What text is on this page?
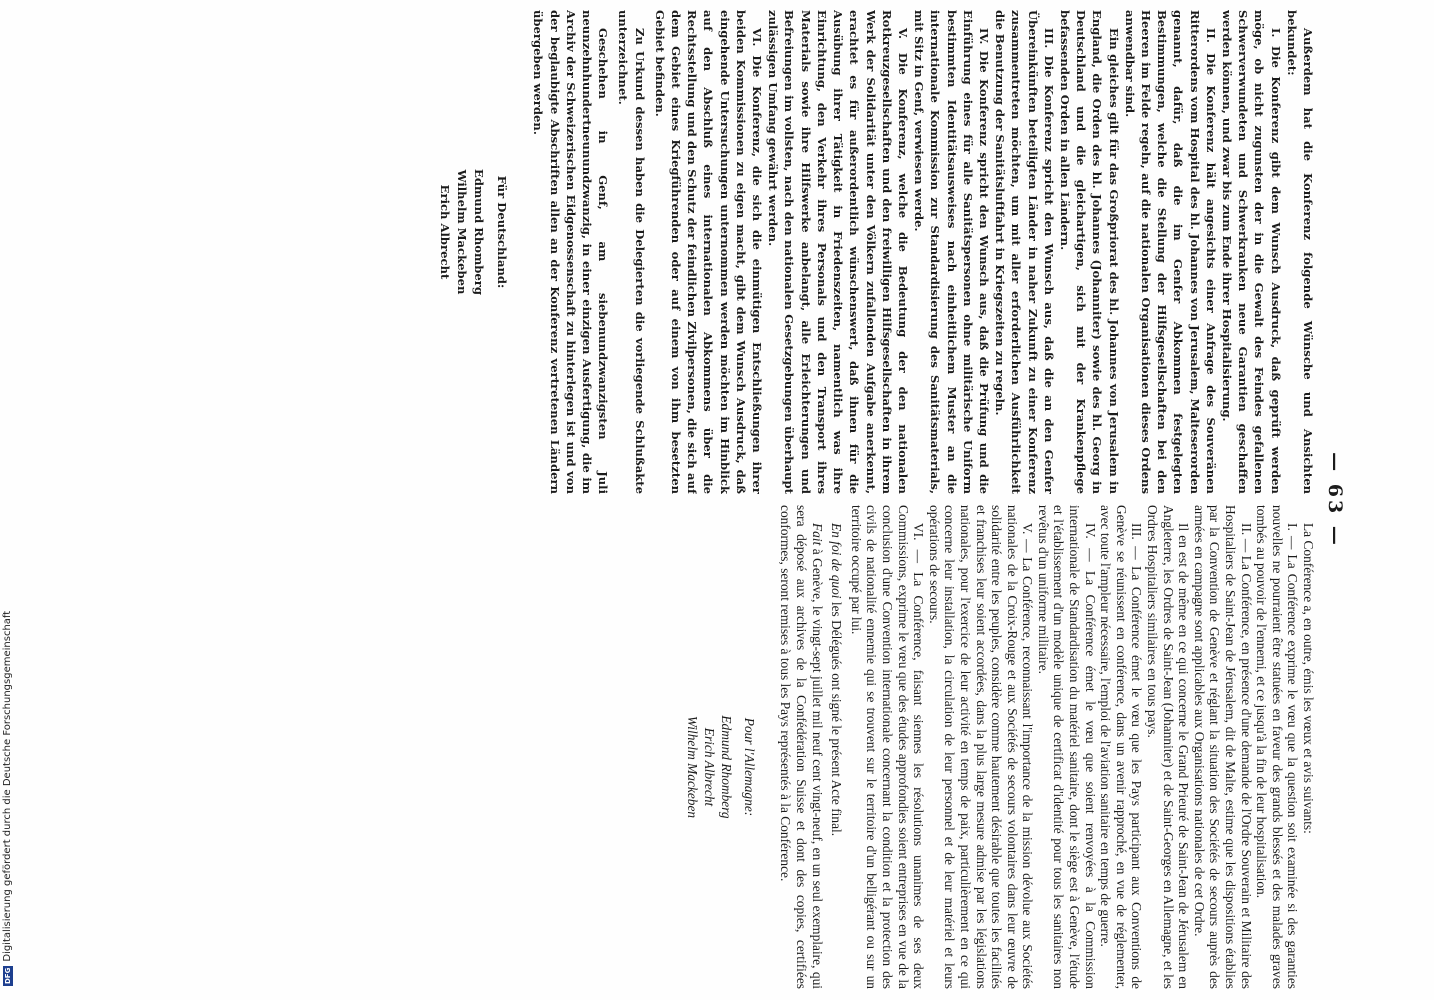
— 63 —

Außerdem hat die Konferenz folgende Wünsche und Ansichten bekundet:

I. Die Konferenz gibt dem Wunsch Ausdruck, daß geprüft werden möge, ob nicht zugunsten der in die Gewalt des Feindes gefallenen Schwerverwundeten und Schwerkranken neue Garantien geschaffen werden können, und zwar bis zum Ende ihrer Hospitalisierung.

II. Die Konferenz hält angesichts einer Anfrage des Souveränen Ritterordens vom Hospital des hl. Johannes von Jerusalem, Malteserorden genannt, dafür, daß die im Genfer Abkommen festgelegten Bestimmungen, welche die Stellung der Hilfsgesellschaften bei den Heeren im Felde regeln, auf die nationalen Organisationen dieses Ordens anwendbar sind.

Ein gleiches gilt für das Großpriorat des hl. Johannes von Jerusalem in England, die Orden des hl. Johannes (Johanniter) sowie des hl. Georg in Deutschland und die gleichartigen, sich mit der Krankenpflege befassenden Orden in allen Ländern.

III. Die Konferenz spricht den Wunsch aus, daß die an den Genfer Übereinkünften beteiligten Länder in naher Zukunft zu einer Konferenz zusammentreten möchten, um mit aller erforderlichen Ausführlichkeit die Benutzung der Sanitätsluftfahrt in Kriegszeiten zu regeln.

IV. Die Konferenz spricht den Wunsch aus, daß die Prüfung und die Einführung eines für alle Sanitätspersonen ohne militärische Uniform bestimmten Identitätsausweises nach einheitlichem Muster an die internationale Kommission zur Standardisierung des Sanitätsmaterials, mit Sitz in Genf, verwiesen werde.

V. Die Konferenz, welche die Bedeutung der den nationalen Rotkreuzgesellschaften und den freiwilligen Hilfsgesellschaften in ihrem Werk der Solidarität unter den Völkern zufallenden Aufgabe anerkennt, erachtet es für außerordentlich wünschenswert, daß ihnen für die Ausübung ihrer Tätigkeit in Friedenszeiten, namentlich was ihre Einrichtung, den Verkehr ihres Personals und den Transport ihres Materials sowie ihre Hilfswerke anbelangt, alle Erleichterungen und Befreiungen im vollsten, nach den nationalen Gesetzgebungen überhaupt zulässigen Umfang gewährt werden.

VI. Die Konferenz, die sich die einmütigen Entschließungen ihrer beiden Kommissionen zu eigen macht, gibt dem Wunsch Ausdruck, daß eingehende Untersuchungen unternommen werden möchten im Hinblick auf den Abschluß eines internationalen Abkommens über die Rechtsstellung und den Schutz der feindlichen Zivilpersonen, die sich auf dem Gebiet eines Kriegführenden oder auf einem von ihm besetzten Gebiet befinden.

Zu Urkund dessen haben die Delegierten die vorliegende Schlußakte unterzeichnet.

Geschehen in Genf, am siebenundzwanzigsten Juli neunzehnhundertneunundzwanzig, in einer einzigen Ausfertigung, die im Archiv der Schweizerischen Eidgenossenschaft zu hinterlegen ist und von der beglaubigte Abschriften allen an der Konferenz vertretenen Ländern übergeben werden.

Für Deutschland:
Edmund Rhomberg
Wilhelm Mackeben
Erich Albrecht

La Conférence a, en outre, émis les vœux et avis suivants:

I. — La Conférence exprime le vœu que la question soit examinée si des garanties nouvelles ne pourraient être statuées en faveur des grands blessés et des malades graves tombés au pouvoir de l'ennemi, et ce jusqu'à la fin de leur hospitalisation.

II. — La Conférence, en présence d'une demande de l'Ordre Souverain et Militaire des Hospitaliers de Saint-Jean de Jérusalem, dit de Malte, estime que les dispositions établies par la Convention de Genève et réglant la situation des Sociétés de secours auprès des armées en campagne sont applicables aux Organisations nationales de cet Ordre.

Il en est de même en ce qui concerne le Grand Prieuré de Saint-Jean de Jérusalem en Angleterre, les Ordres de Saint-Jean (Johanniter) et de Saint-Georges en Allemagne, et les Ordres Hospitaliers similaires en tous pays.

III. — La Conférence émet le vœu que les Pays participant aux Conventions de Genève se réunissent en conférence, dans un avenir rapproché, en vue de réglementer, avec toute l'ampleur nécessaire, l'emploi de l'aviation sanitaire en temps de guerre.

IV. — La Conférence émet le vœu que soient renvoyées à la Commission internationale de Standardisation du matériel sanitaire, dont le siège est à Genève, l'étude et l'établissement d'un modèle unique de certificat d'identité pour tous les sanitaires non revêtus d'un uniforme militaire.

V. — La Conférence, reconnaissant l'importance de la mission dévolue aux Sociétés nationales de la Croix-Rouge et aux Sociétés de secours volontaires dans leur œuvre de solidarité entre les peuples, considère comme hautement désirable que toutes les facilités et franchises leur soient accordées, dans la plus large mesure admise par les législations nationales, pour l'exercice de leur activité en temps de paix, particulièrement en ce qui concerne leur installation, la circulation de leur personnel et de leur matériel et leurs opérations de secours.

VI. — La Conférence, faisant siennes les résolutions unanimes de ses deux Commissions, exprime le vœu que des études approfondies soient entreprises en vue de la conclusion d'une Convention internationale concernant la condition et la protection des civils de nationalité ennemie qui se trouvent sur le territoire d'un belligérant ou sur un territoire occupé par lui.

En foi de quoi les Délégués ont signé le présent Acte final.

Fait à Genève, le vingt-sept juillet mil neuf cent vingt-neuf, en un seul exemplaire, qui sera déposé aux archives de la Confédération Suisse et dont des copies, certifiées conformes, seront remises à tous les Pays représentés à la Conférence.

Pour l'Allemagne:
Edmund Rhomberg
Erich Albrecht
Wilhelm Mackeben
DFGDigitalisierung gefördert durch die Deutsche Forschungsgemeinschaft
